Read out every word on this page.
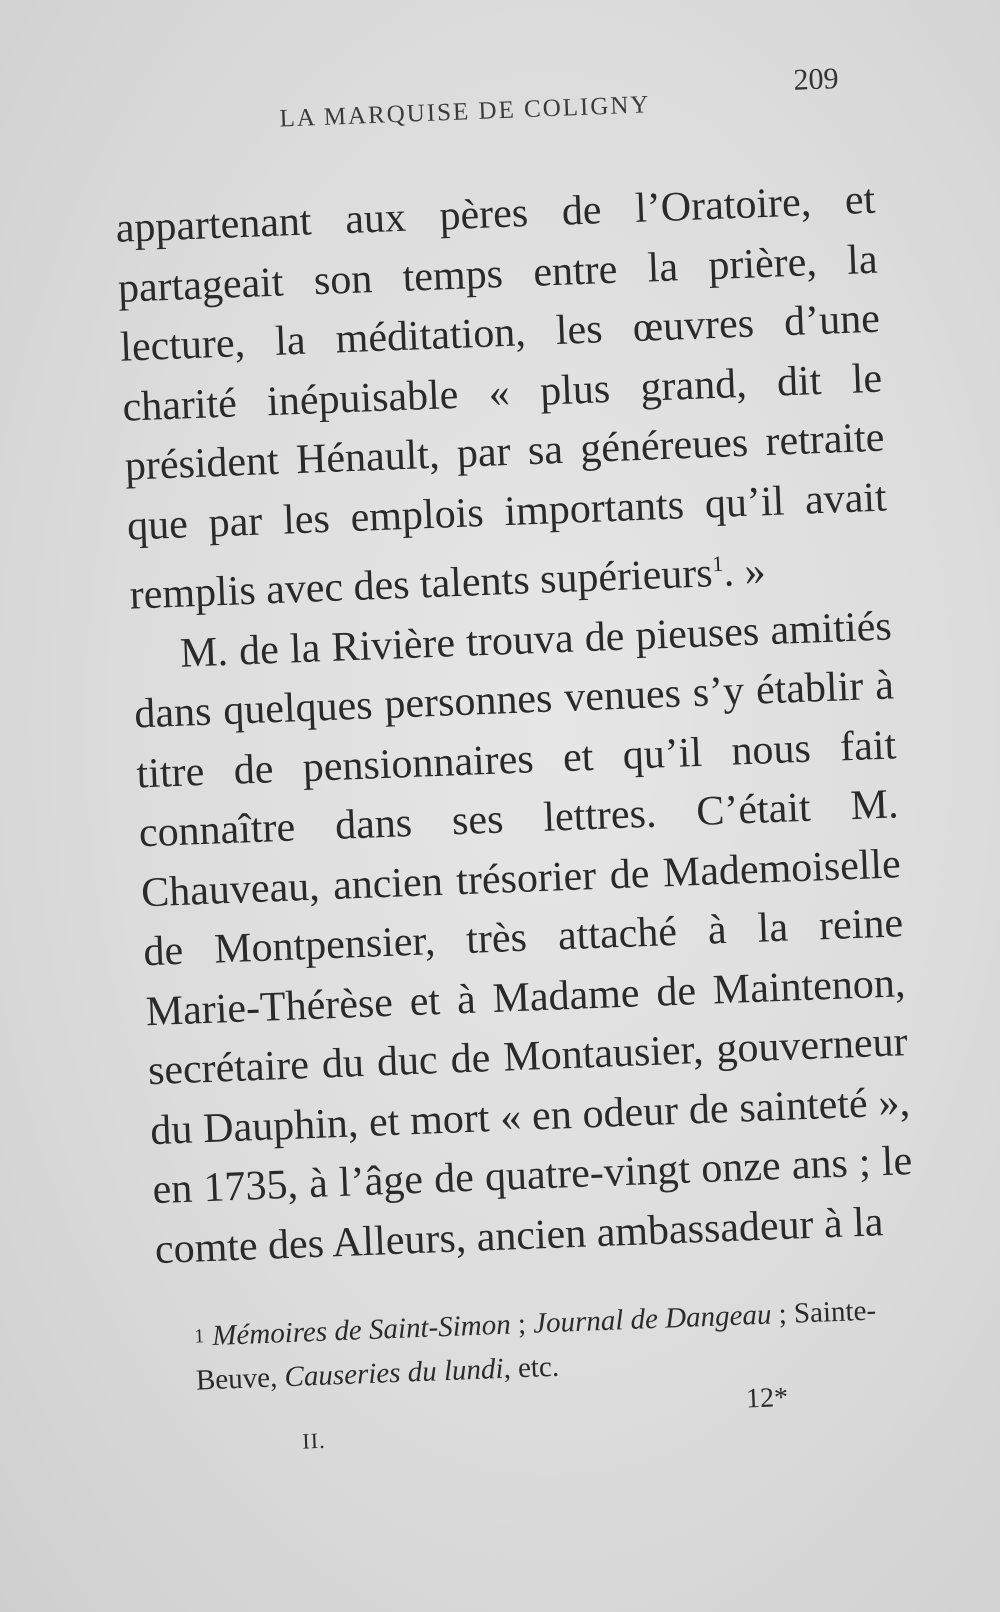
LA MARQUISE DE COLIGNY
209

appartenant aux pères de l’Oratoire, et partageait son temps entre la prière, la lecture, la méditation, les œuvres d’une charité inépuisable « plus grand, dit le président Hénault, par sa généreues retraite que par les emplois importants qu’il avait remplis avec des talents supérieurs$^1$. »

M. de la Rivière trouva de pieuses amitiés dans quelques personnes venues s’y établir à titre de pensionnaires et qu’il nous fait connaître dans ses lettres. C’était M. Chauveau, ancien trésorier de Mademoiselle de Montpensier, très attaché à la reine Marie-Thérèse et à Madame de Maintenon, secrétaire du duc de Montausier, gouverneur du Dauphin, et mort « en odeur de sainteté », en 1735, à l’âge de quatre-vingt onze ans ; le comte des Alleurs, ancien ambassadeur à la

1 Mémoires de Saint-Simon ; Journal de Dangeau ; Sainte-Beuve, Causeries du lundi, etc.
II.
12*
